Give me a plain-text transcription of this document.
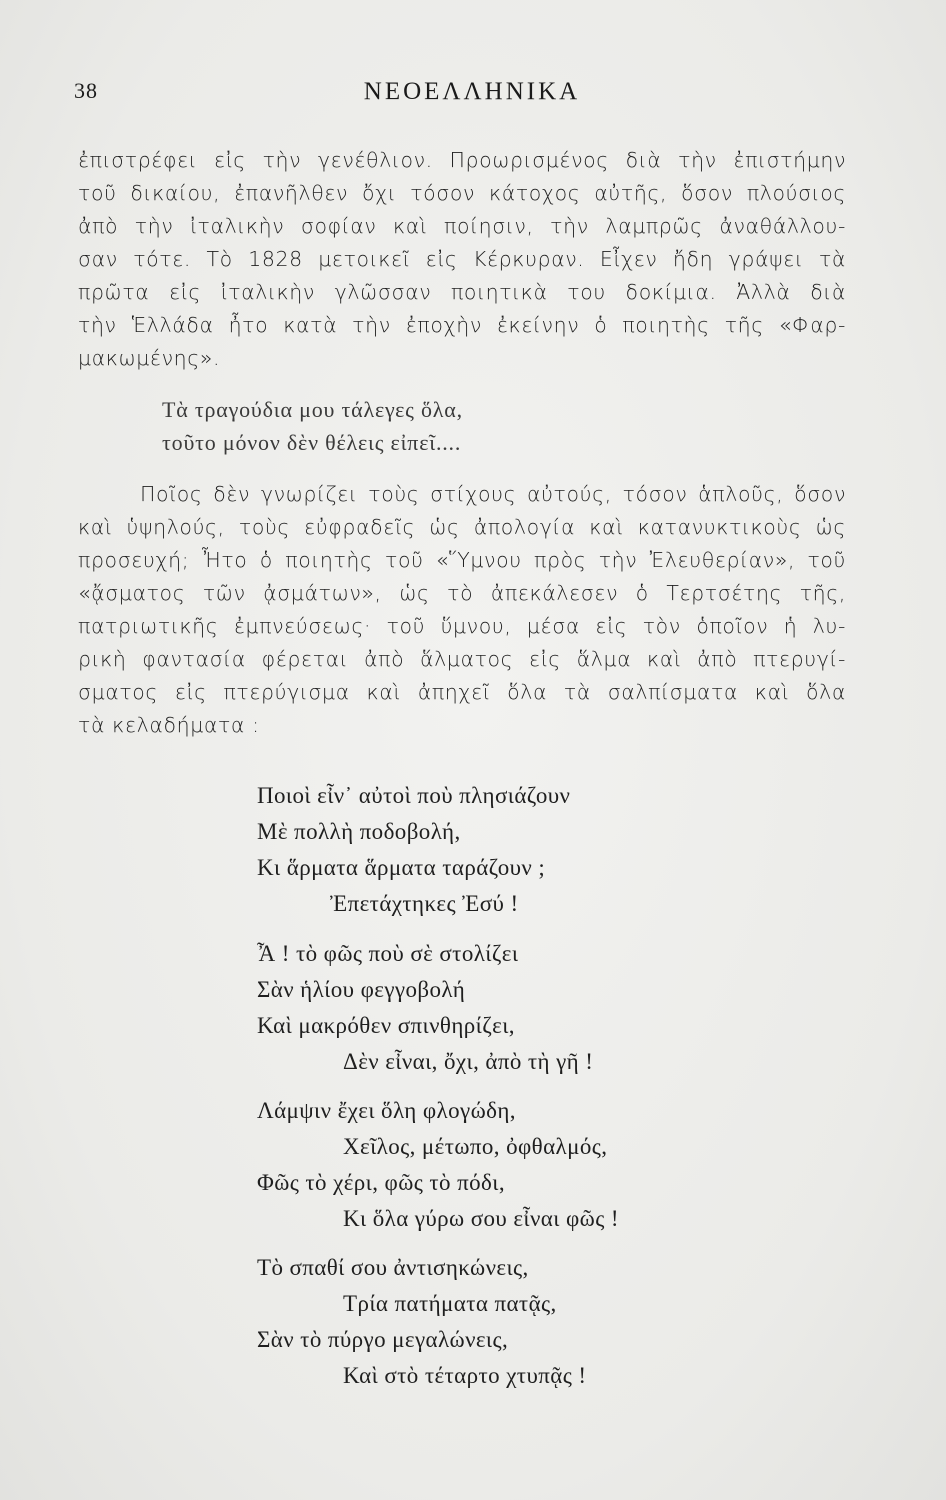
38	ΝΕΟΕΛΛΗΝΙΚΑ
ἐπιστρέφει εἰς τὴν γενέθλιον. Προωρισμένος διὰ τὴν ἐπιστήμην
τοῦ δικαίου, ἐπανῆλθεν ὄχι τόσον κάτοχος αὐτῆς, ὅσον πλούσιος
ἀπὸ τὴν ἰταλικὴν σοφίαν καὶ ποίησιν, τὴν λαμπρῶς ἀναθάλλου-
σαν τότε. Τὸ 1828 μετοικεῖ εἰς Κέρκυραν. Εἶχεν ἤδη γράψει τὰ
πρῶτα εἰς ἰταλικὴν γλῶσσαν ποιητικὰ του δοκίμια. Ἀλλὰ διὰ
τὴν Ἑλλάδα ἦτο κατὰ τὴν ἐποχὴν ἐκείνην ὁ ποιητὴς τῆς «Φαρ-
μακωμένης».
Τὰ τραγούδια μου τάλεγες ὅλα,
τοῦτο μόνον δὲν θέλεις εἰπεῖ....
Ποῖος δὲν γνωρίζει τοὺς στίχους αὐτούς, τόσον ἁπλοῦς, ὅσον
καὶ ὑψηλούς, τοὺς εὐφραδεῖς ὡς ἀπολογία καὶ κατανυκτικοὺς ὡς
προσευχή; Ἦτο ὁ ποιητὴς τοῦ «Ὕμνου πρὸς τὴν Ἐλευθερίαν», τοῦ
«ᾄσματος τῶν ᾀσμάτων», ὡς τὸ ἀπεκάλεσεν ὁ Τερτσέτης τῆς,
πατριωτικῆς ἐμπνεύσεως· τοῦ ὕμνου, μέσα εἰς τὸν ὁποῖον ἡ λυ-
ρικὴ φαντασία φέρεται ἀπὸ ἅλματος εἰς ἅλμα καὶ ἀπὸ πτερυγί-
σματος εἰς πτερύγισμα καὶ ἀπηχεῖ ὅλα τὰ σαλπίσματα καὶ ὅλα
τὰ κελαδήματα :
Ποιοὶ εἶν᾽ αὐτοὶ ποὺ πλησιάζουν
Μὲ πολλὴ ποδοβολή,
Κι ἅρματα ἅρματα ταράζουν ;
Ἐπετάχτηκες Ἐσύ !
Ἆ ! τὸ φῶς ποὺ σὲ στολίζει
Σὰν ἡλίου φεγγοβολή
Καὶ μακρόθεν σπινθηρίζει,
Δὲν εἶναι, ὄχι, ἀπὸ τὴ γῆ !
Λάμψιν ἔχει ὅλη φλογώδη,
Χεῖλος, μέτωπο, ὀφθαλμός,
Φῶς τὸ χέρι, φῶς τὸ πόδι,
Κι ὅλα γύρω σου εἶναι φῶς !
Τὸ σπαθί σου ἀντισηκώνεις,
Τρία πατήματα πατᾷς,
Σὰν τὸ πύργο μεγαλώνεις,
Καὶ στὸ τέταρτο χτυπᾷς !
